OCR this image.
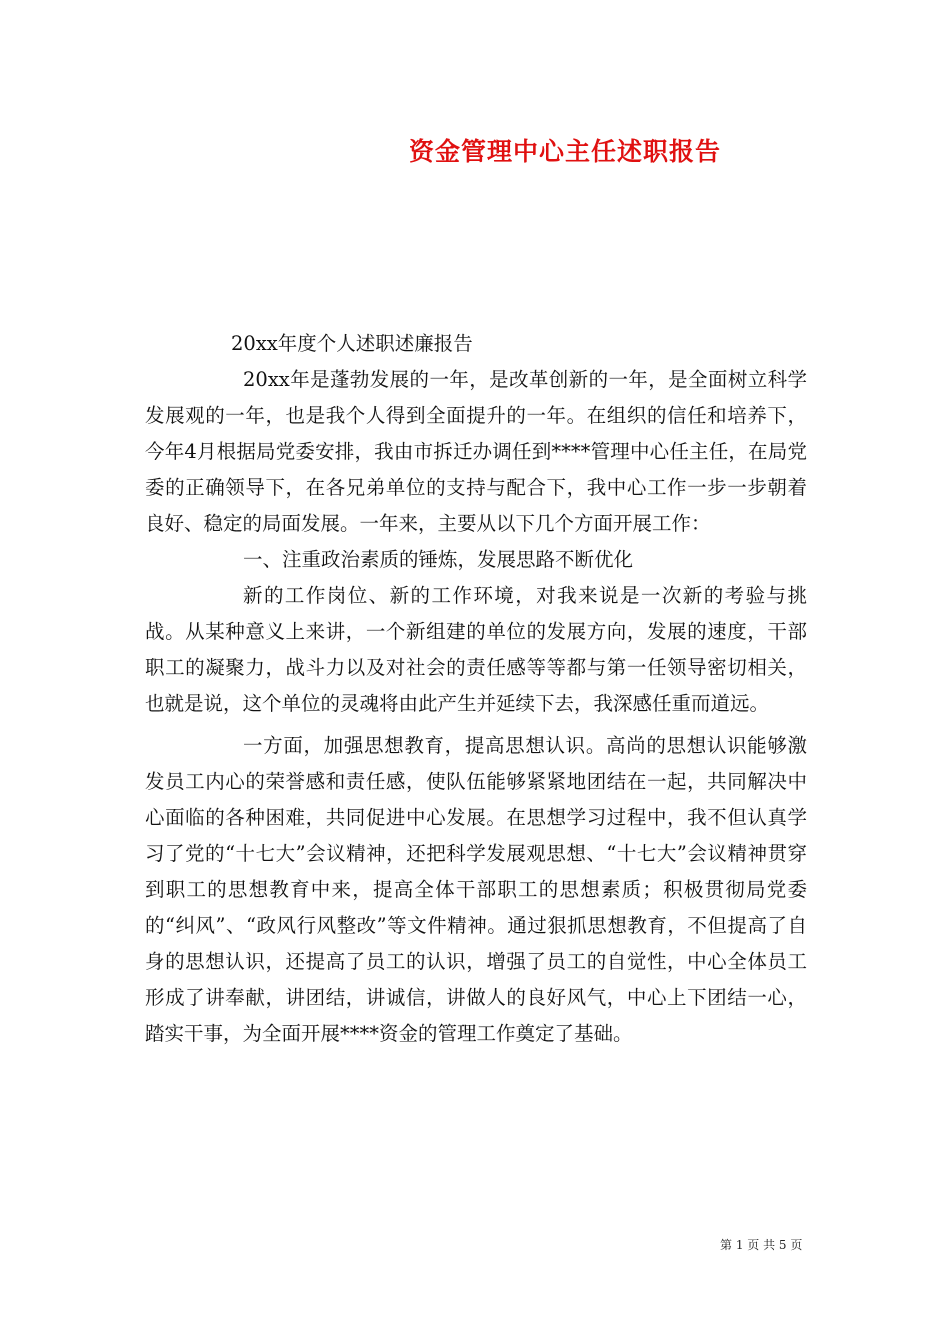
资金管理中心主任述职报告

20xx年度个人述职述廉报告

20xx年是蓬勃发展的一年，是改革创新的一年，是全面树立科学发展观的一年，也是我个人得到全面提升的一年。在组织的信任和培养下，今年4月根据局党委安排，我由市拆迁办调任到****管理中心任主任，在局党委的正确领导下，在各兄弟单位的支持与配合下，我中心工作一步一步朝着良好、稳定的局面发展。一年来，主要从以下几个方面开展工作：

一、注重政治素质的锤炼，发展思路不断优化

新的工作岗位、新的工作环境，对我来说是一次新的考验与挑战。从某种意义上来讲，一个新组建的单位的发展方向，发展的速度，干部职工的凝聚力，战斗力以及对社会的责任感等等都与第一任领导密切相关，也就是说，这个单位的灵魂将由此产生并延续下去，我深感任重而道远。

一方面，加强思想教育，提高思想认识。高尚的思想认识能够激发员工内心的荣誉感和责任感，使队伍能够紧紧地团结在一起，共同解决中心面临的各种困难，共同促进中心发展。在思想学习过程中，我不但认真学习了党的“十七大”会议精神，还把科学发展观思想、“十七大”会议精神贯穿到职工的思想教育中来，提高全体干部职工的思想素质；积极贯彻局党委的“纠风”、“政风行风整改”等文件精神。通过狠抓思想教育，不但提高了自身的思想认识，还提高了员工的认识，增强了员工的自觉性，中心全体员工形成了讲奉献，讲团结，讲诚信，讲做人的良好风气，中心上下团结一心，踏实干事，为全面开展****资金的管理工作奠定了基础。

第 1 页 共 5 页
